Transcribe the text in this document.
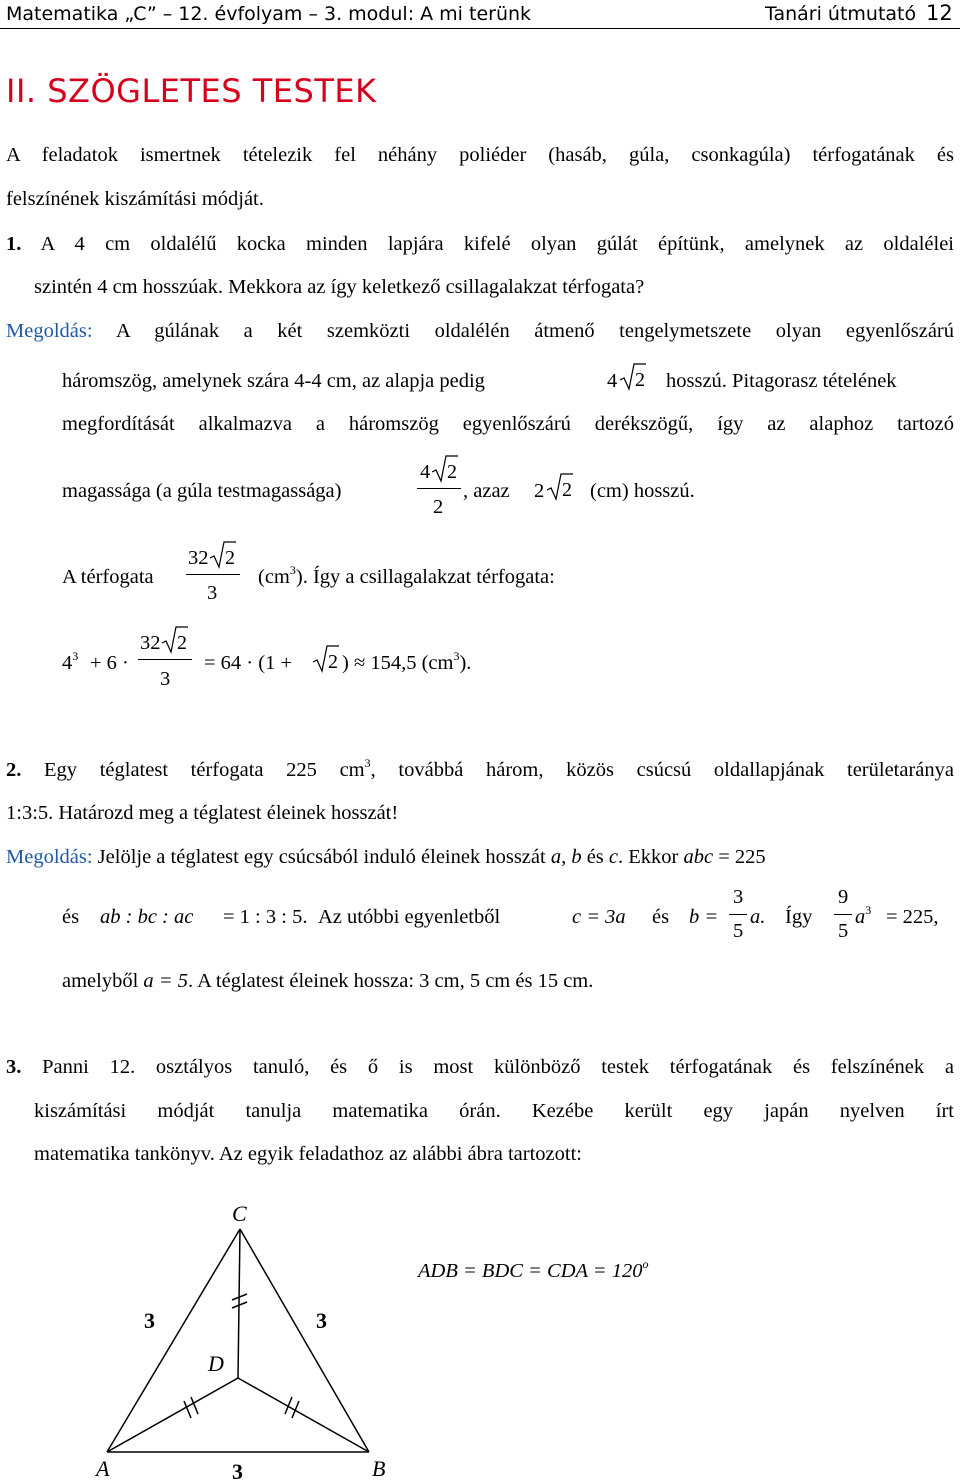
Matematika „C” – 12. évfolyam – 3. modul: A mi terünk	Tanári útmutató 12
II. SZÖGLETES TESTEK
A feladatok ismertnek tételezik fel néhány poliéder (hasáb, gúla, csonkagúla) térfogatának és
felszínének kiszámítási módját.
1. A 4 cm oldalélű kocka minden lapjára kifelé olyan gúlát építünk, amelynek az oldalélei
szintén 4 cm hosszúak. Mekkora az így keletkező csillagalakzat térfogata?
Megoldás: A gúlának a két szemközti oldalélén átmenő tengelymetszete olyan egyenlőszárú
háromszög, amelynek szára 4-4 cm, az alapja pedig	4 2 hosszú. Pitagorasz tételének
megfordítását alkalmazva a háromszög egyenlőszárú derékszögű, így az alaphoz tartozó
magassága (a gúla testmagassága)
4 2
2
, azaz 2 2 (cm) hosszú.
A térfogata
32 2
3
$(cm^3)$. Így a csillagalakzat térfogata:
$4^3 + 6$ ·
32 2
3
= 64 · (1 + 2 ) ≈ 154,5 $(cm^3)$.
2. Egy téglatest térfogata 225 $cm^3$, továbbá három, közös csúcsú oldallapjának területaránya
1:3:5. Határozd meg a téglatest éleinek hosszát!
Megoldás: Jelölje a téglatest egy csúcsából induló éleinek hosszát a, b és c. Ekkor abc = 225
és ab : bc : ac = 1 : 3 : 5. Az utóbbi egyenletből	c = 3a és b =
3
5
a. Így
9
5
$a^3 = 225$,
amelyből a = 5. A téglatest éleinek hossza: 3 cm, 5 cm és 15 cm.
3. Panni 12. osztályos tanuló, és ő is most különböző testek térfogatának és felszínének a
kiszámítási módját tanulja matematika órán. Kezébe került egy japán nyelven írt
matematika tankönyv. Az egyik feladathoz az alábbi ábra tartozott:
C
A	B
D
3	3
3
ADB = BDC = CDA = $120^o$
